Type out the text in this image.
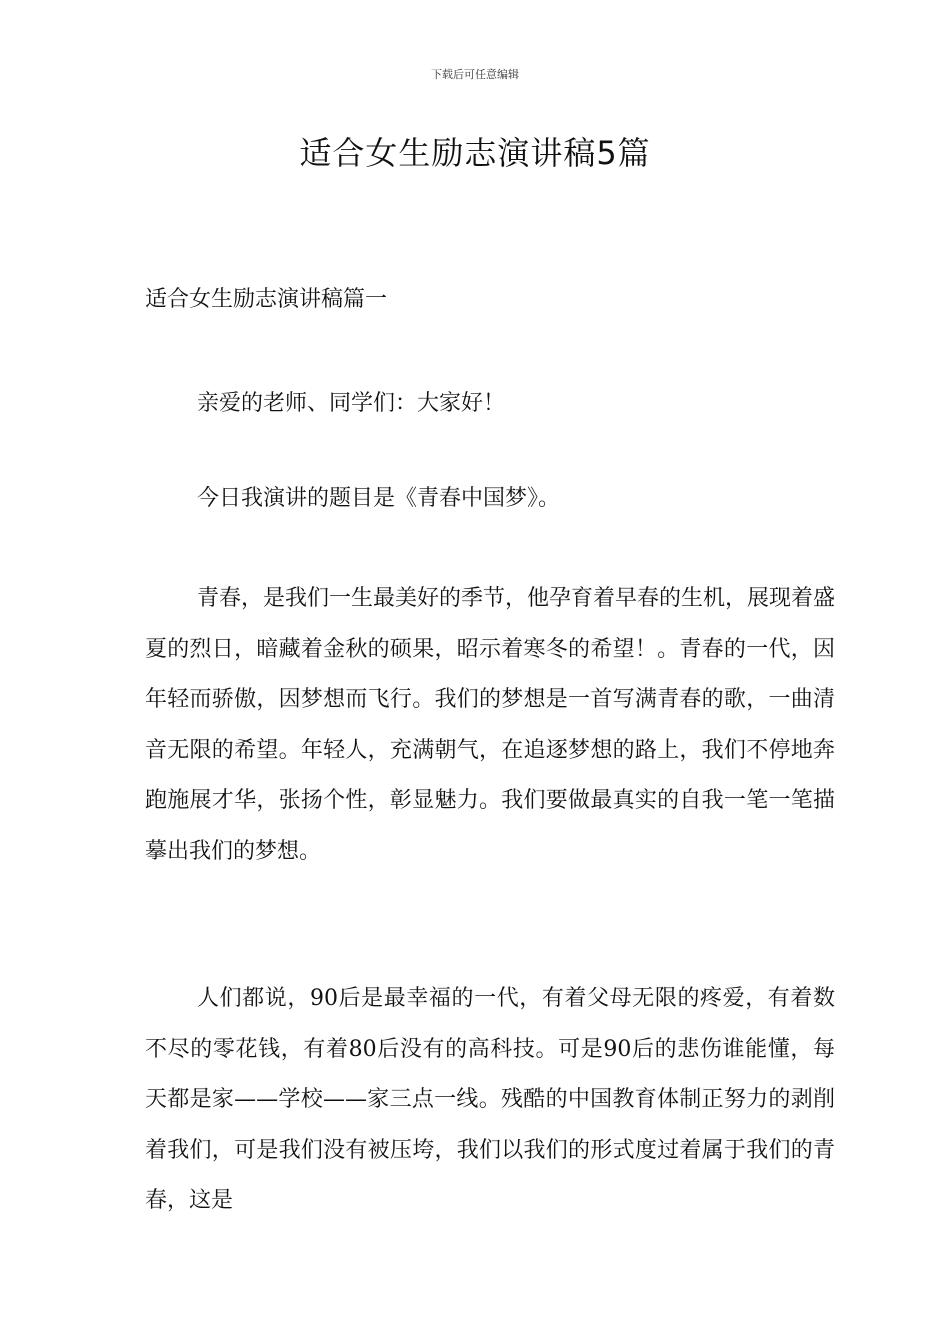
下载后可任意编辑
适合女生励志演讲稿5篇
适合女生励志演讲稿篇一

亲爱的老师、同学们：大家好！

今日我演讲的题目是《青春中国梦》。

青春，是我们一生最美好的季节，他孕育着早春的生机，展现着盛夏的烈日，暗藏着金秋的硕果，昭示着寒冬的希望！。青春的一代，因年轻而骄傲，因梦想而飞行。我们的梦想是一首写满青春的歌，一曲清音无限的希望。年轻人，充满朝气，在追逐梦想的路上，我们不停地奔跑施展才华，张扬个性，彰显魅力。我们要做最真实的自我一笔一笔描摹出我们的梦想。

人们都说，90后是最幸福的一代，有着父母无限的疼爱，有着数不尽的零花钱，有着80后没有的高科技。可是90后的悲伤谁能懂，每天都是家——学校——家三点一线。残酷的中国教育体制正努力的剥削着我们，可是我们没有被压垮，我们以我们的形式度过着属于我们的青春，这是
